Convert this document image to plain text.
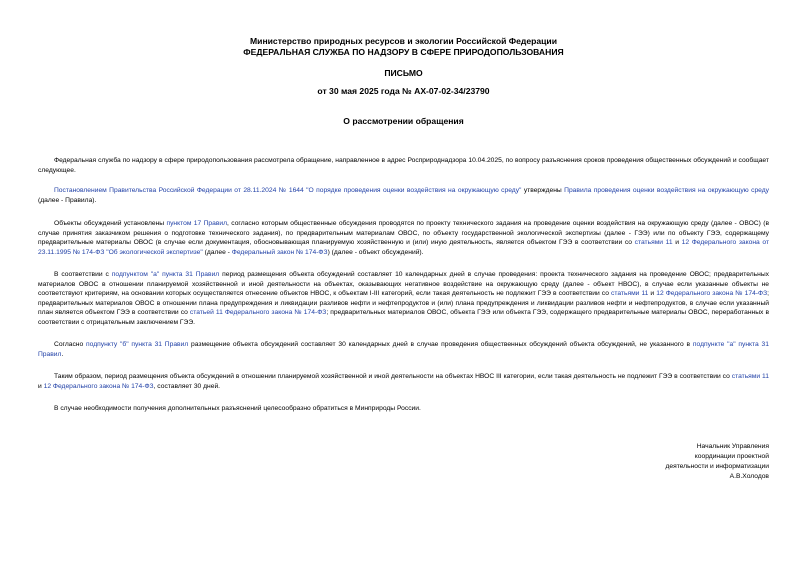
Министерство природных ресурсов и экологии Российской Федерации
ФЕДЕРАЛЬНАЯ СЛУЖБА ПО НАДЗОРУ В СФЕРЕ ПРИРОДОПОЛЬЗОВАНИЯ
ПИСЬМО
от 30 мая 2025 года № АХ-07-02-34/23790
О рассмотрении обращения

Федеральная служба по надзору в сфере природопользования рассмотрела обращение, направленное в адрес Росприроднадзора 10.04.2025, по вопросу разъяснения сроков проведения общественных обсуждений и сообщает следующее.

Постановлением Правительства Российской Федерации от 28.11.2024 № 1644 "О порядке проведения оценки воздействия на окружающую среду" утверждены Правила проведения оценки воздействия на окружающую среду (далее - Правила).

Объекты обсуждений установлены пунктом 17 Правил, согласно которым общественные обсуждения проводятся по проекту технического задания на проведение оценки воздействия на окружающую среду (далее - ОВОС) (в случае принятия заказчиком решения о подготовке технического задания), по предварительным материалам ОВОС, по объекту государственной экологической экспертизы (далее - ГЭЭ) или по объекту ГЭЭ, содержащему предварительные материалы ОВОС (в случае если документация, обосновывающая планируемую хозяйственную и (или) иную деятельность, является объектом ГЭЭ в соответствии со статьями 11 и 12 Федерального закона от 23.11.1995 № 174-ФЗ "Об экологической экспертизе" (далее - Федеральный закон № 174-ФЗ) (далее - объект обсуждений).

В соответствии с подпунктом "а" пункта 31 Правил период размещения объекта обсуждений составляет 10 календарных дней в случае проведения: проекта технического задания на проведение ОВОС; предварительных материалов ОВОС в отношении планируемой хозяйственной и иной деятельности на объектах, оказывающих негативное воздействие на окружающую среду (далее - объект НВОС), в случае если указанные объекты не соответствуют критериям, на основании которых осуществляется отнесение объектов НВОС, к объектам I-III категорий, если такая деятельность не подлежит ГЭЭ в соответствии со статьями 11 и 12 Федерального закона № 174-ФЗ; предварительных материалов ОВОС в отношении плана предупреждения и ликвидации разливов нефти и нефтепродуктов и (или) плана предупреждения и ликвидации разливов нефти и нефтепродуктов, в случае если указанный план является объектом ГЭЭ в соответствии со статьей 11 Федерального закона № 174-ФЗ; предварительных материалов ОВОС, объекта ГЭЭ или объекта ГЭЭ, содержащего предварительные материалы ОВОС, переработанных в соответствии с отрицательным заключением ГЭЭ.

Согласно подпункту "б" пункта 31 Правил размещение объекта обсуждений составляет 30 календарных дней в случае проведения общественных обсуждений объекта обсуждений, не указанного в подпункте "а" пункта 31 Правил.

Таким образом, период размещения объекта обсуждений в отношении планируемой хозяйственной и иной деятельности на объектах НВОС III категории, если такая деятельность не подлежит ГЭЭ в соответствии со статьями 11 и 12 Федерального закона № 174-ФЗ, составляет 30 дней.

В случае необходимости получения дополнительных разъяснений целесообразно обратиться в Минприроды России.

Начальник Управления
координации проектной
деятельности и информатизации
А.В.Холодов
